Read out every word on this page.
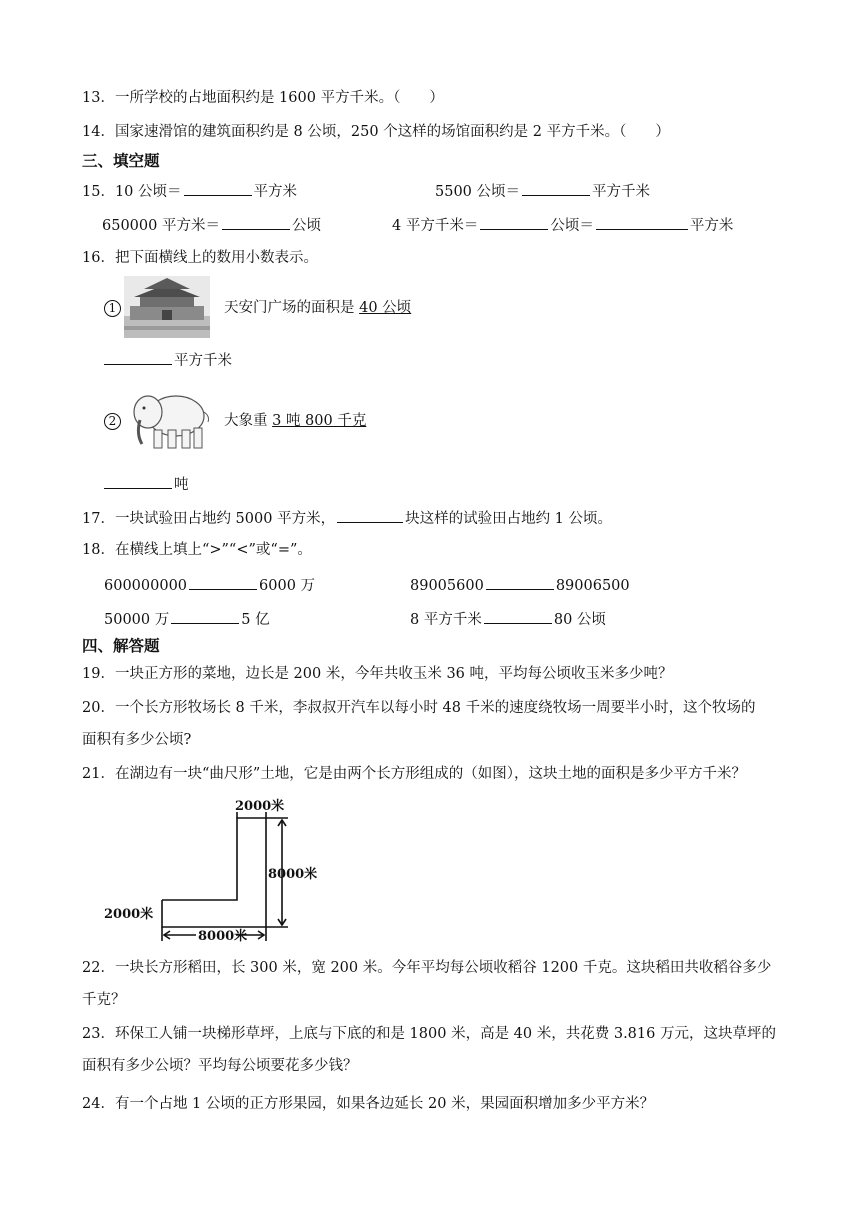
13．一所学校的占地面积约是 1600 平方千米。（　　）
14．国家速滑馆的建筑面积约是 8 公顷，250 个这样的场馆面积约是 2 平方千米。（　　）
三、填空题
15．10 公顷＝	平方米	5500 公顷＝	平方千米
650000 平方米＝	公顷	4 平方千米＝	公顷＝	平方米
16．把下面横线上的数用小数表示。
1	天安门广场的面积是 40 公顷
平方千米
2	大象重 3 吨 800 千克
吨
17．一块试验田占地约 5000 平方米，	块这样的试验田占地约 1 公顷。
18．在横线上填上“>”“<”或“=”。
600000000	6000 万	89005600	89006500
50000 万	5 亿	8 平方千米	80 公顷
四、解答题
19．一块正方形的菜地，边长是 200 米，今年共收玉米 36 吨，平均每公顷收玉米多少吨？
20．一个长方形牧场长 8 千米，李叔叔开汽车以每小时 48 千米的速度绕牧场一周要半小时，这个牧场的
面积有多少公顷?
21．在湖边有一块“曲尺形”土地，它是由两个长方形组成的（如图），这块土地的面积是多少平方千米？
2000米
8000米
2000米
8000米
22．一块长方形稻田，长 300 米，宽 200 米。今年平均每公顷收稻谷 1200 千克。这块稻田共收稻谷多少
千克？
23．环保工人铺一块梯形草坪，上底与下底的和是 1800 米，高是 40 米，共花费 3.816 万元，这块草坪的
面积有多少公顷？平均每公顷要花多少钱？
24．有一个占地 1 公顷的正方形果园，如果各边延长 20 米，果园面积增加多少平方米？
